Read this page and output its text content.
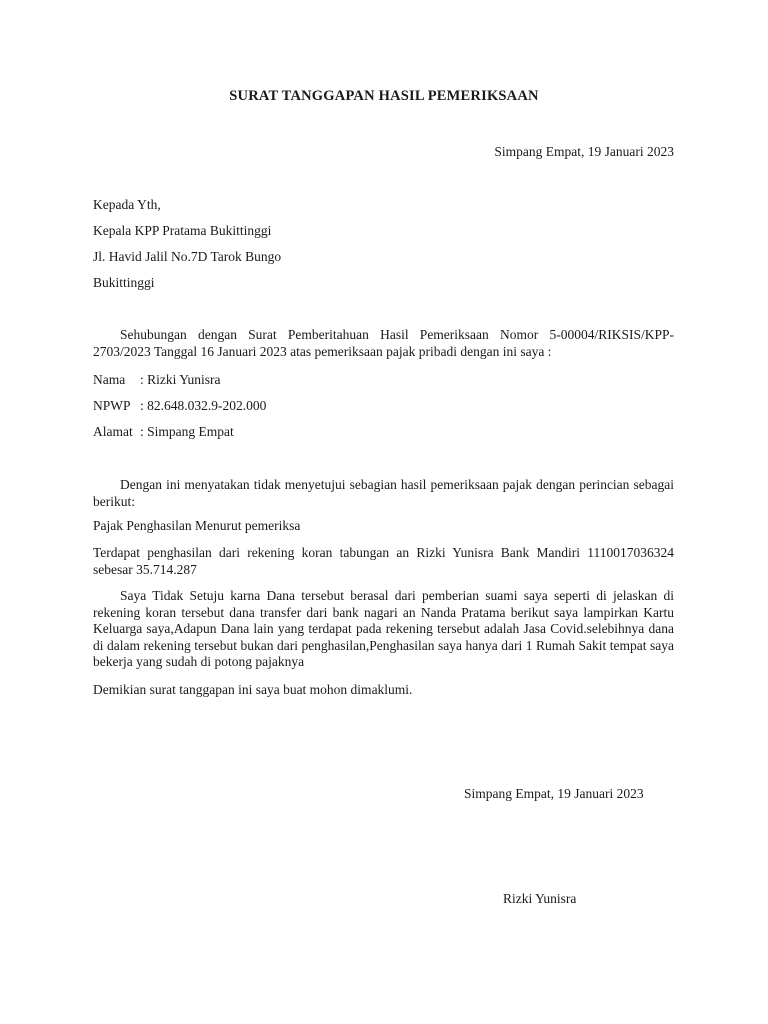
SURAT TANGGAPAN HASIL PEMERIKSAAN

Simpang Empat, 19 Januari 2023

Kepada Yth,

Kepala KPP Pratama Bukittinggi

Jl. Havid Jalil No.7D Tarok Bungo

Bukittinggi

Sehubungan dengan Surat Pemberitahuan Hasil Pemeriksaan Nomor 5-00004/RIKSIS/KPP-2703/2023 Tanggal 16 Januari 2023 atas pemeriksaan pajak pribadi dengan ini saya :

Nama : Rizki Yunisra

NPWP : 82.648.032.9-202.000

Alamat : Simpang Empat

Dengan ini menyatakan tidak menyetujui sebagian hasil pemeriksaan pajak dengan perincian sebagai berikut:

Pajak Penghasilan Menurut pemeriksa

Terdapat penghasilan dari rekening koran tabungan an Rizki Yunisra Bank Mandiri 1110017036324 sebesar 35.714.287

Saya Tidak Setuju karna Dana tersebut berasal dari pemberian suami saya seperti di jelaskan di rekening koran tersebut dana transfer dari bank nagari an Nanda Pratama berikut saya lampirkan Kartu Keluarga saya,Adapun Dana lain yang terdapat pada rekening tersebut adalah Jasa Covid.selebihnya dana di dalam rekening tersebut bukan dari penghasilan,Penghasilan saya hanya dari 1 Rumah Sakit tempat saya bekerja yang sudah di potong pajaknya

Demikian surat tanggapan ini saya buat mohon dimaklumi.

Simpang Empat, 19 Januari 2023

Rizki Yunisra
